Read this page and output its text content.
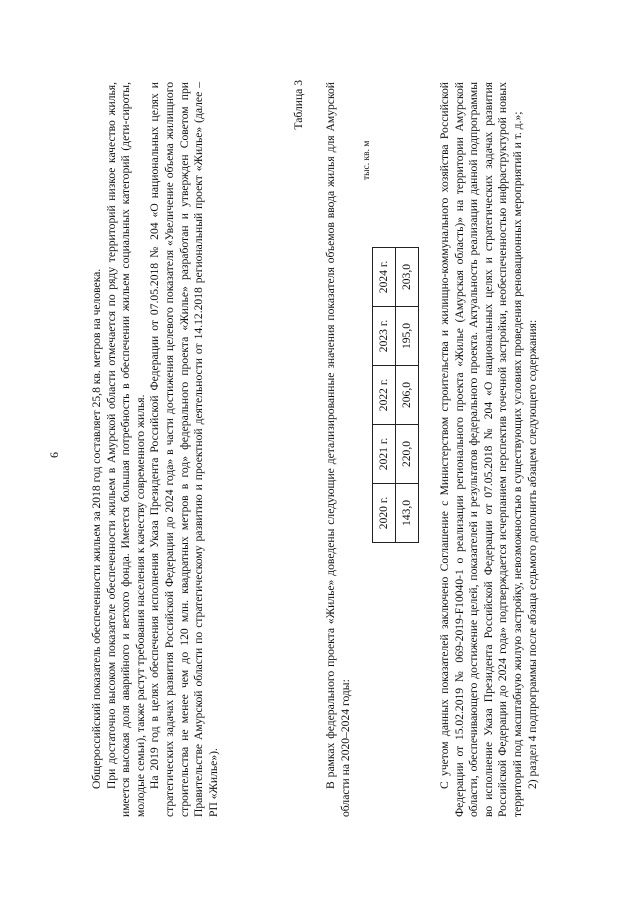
6	Общероссийский показатель обеспеченности жильем за 2018 год составляет 25,8 кв. метров на человека. При достаточно высоком показателе обеспеченности жильем в Амурской области отмечается по ряду территорий низкое качество жилья, имеется высокая доля аварийного и ветхого фонда. Имеется большая потребность в обеспечении жильем социальных категорий (дети-сироты, молодые семьи), также растут требования населения к качеству современного жилья. На 2019 год в целях обеспечения исполнения Указа Президента Российской Федерации от 07.05.2018 № 204 «О национальных целях и стратегических задачах развития Российской Федерации до 2024 года» в части достижения целевого показателя «Увеличение объема жилищного строительства не менее чем до 120 млн. квадратных метров в год» федерального проекта «Жилье» разработан и утвержден Советом при Правительстве Амурской области по стратегическому развитию и проектной деятельности от 14.12.2018 региональный проект «Жилье» (далее – РП «Жилье»).

Таблица 3 В рамках федерального проекта «Жилье» доведены следующие детализированные значения показателя объемов ввода жилья для Амурской области на 2020–2024 годы:

тыс. кв. м
2020 г.	2021 г.	2022 г.	2023 г.	2024 г.
143,0	220,0	206,0	195,0	203,0 С учетом данных показателей заключено Соглашение с Министерством строительства и жилищно-коммунального хозяйства Российской Федерации от 15.02.2019 № 069-2019-F10040-1 о реализации регионального проекта «Жилье (Амурская область)» на территории Амурской области, обеспечивающего достижение целей, показателей и результатов федерального проекта. Актуальность реализации данной подпрограммы во исполнение Указа Президента Российской Федерации от 07.05.2018 № 204 «О национальных целях и стратегических задачах развития Российской Федерации до 2024 года» подтверждается исчерпанием перспектив точечной застройки, необеспеченностью инфраструктурой новых территорий под масштабную жилую застройку, невозможностью в существующих условиях проведения реновационных мероприятий и т. д.»; 2) раздел 4 подпрограммы после абзаца седьмого дополнить абзацем следующего содержания:
